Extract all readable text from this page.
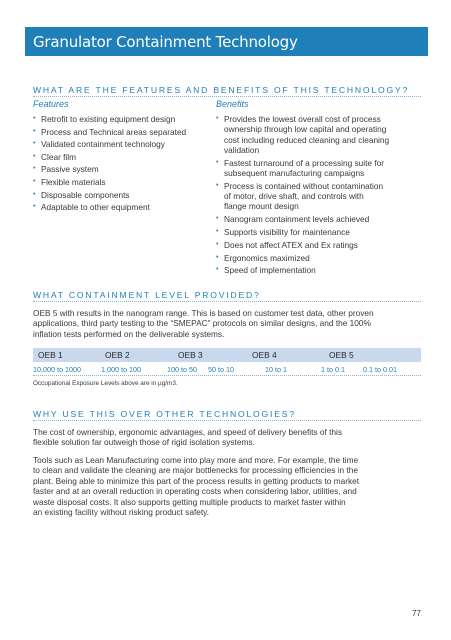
Granulator Containment Technology
WHAT ARE THE FEATURES AND BENEFITS OF THIS TECHNOLOGY?
Features	Benefits
• Retrofit to existing equipment design
• Process and Technical areas separated
• Validated containment technology
• Clear film
• Passive system
• Flexible materials
• Disposable components
• Adaptable to other equipment
• Provides the lowest overall cost of process
ownership through low capital and operating
cost including reduced cleaning and cleaning
validation
• Fastest turnaround of a processing suite for
subsequent manufacturing campaigns
• Process is contained without contamination
of motor, drive shaft, and controls with
flange mount design
• Nanogram containment levels achieved
• Supports visibility for maintenance
• Does not affect ATEX and Ex ratings
• Ergonomics maximized
• Speed of implementation
WHAT CONTAINMENT LEVEL PROVIDED?
OEB 5 with results in the nanogram range. This is based on customer test data, other proven
applications, third party testing to the “SMEPAC” protocols on similar designs, and the 100%
inflation tests performed on the deliverable systems.
OEB 1	OEB 2	OEB 3	OEB 4	OEB 5
10,000 to 1000	1,000 to 100	100 to 50 50 to 10	10 to 1	1 to 0.1	0.1 to 0.01
Occupational Exposure Levels above are in µg/m3.
WHY USE THIS OVER OTHER TECHNOLOGIES?
The cost of ownership, ergonomic advantages, and speed of delivery benefits of this
flexible solution far outweigh those of rigid isolation systems.
Tools such as Lean Manufacturing come into play more and more. For example, the time
to clean and validate the cleaning are major bottlenecks for processing efficiencies in the
plant. Being able to minimize this part of the process results in getting products to market
faster and at an overall reduction in operating costs when considering labor, utilities, and
waste disposal costs. It also supports getting multiple products to market faster within
an existing facility without risking product safety.
77
